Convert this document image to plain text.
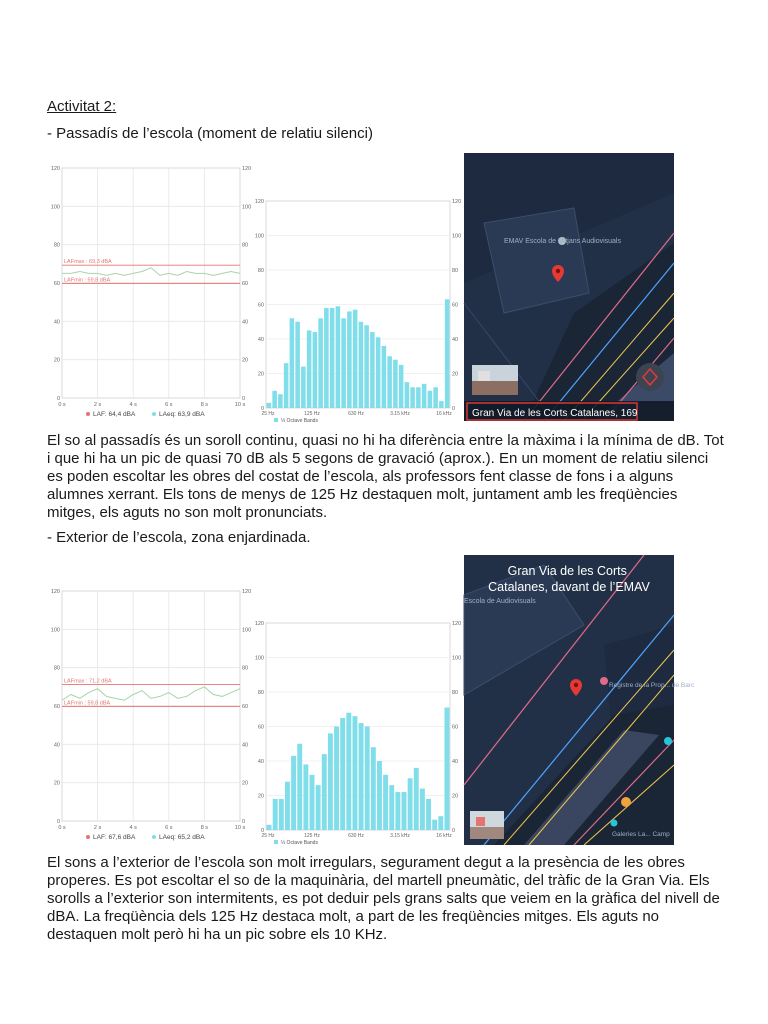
Activitat 2:
- Passadís de l’escola (moment de relatiu silenci)
El so al passadís és un soroll continu, quasi no hi ha diferència entre la màxima i la mínima de dB. Tot i que hi ha un pic de quasi 70 dB als 5 segons de gravació (aprox.). En un moment de relatiu silenci es poden escoltar les obres del costat de l’escola, als professors fent classe de fons i a alguns alumnes xerrant. Els tons de menys de 125 Hz destaquen molt, juntament amb les freqüències mitges, els aguts no son molt pronunciats.
- Exterior de l’escola, zona enjardinada.
El sons a l’exterior de l’escola son molt irregulars, segurament degut a la presència de les obres properes. Es pot escoltar el so de la maquinària, del martell pneumàtic, del tràfic de la Gran Via. Els sorolls a l’exterior son intermitents, es pot deduir pels grans salts que veiem en la gràfica del nivell de dBA. La freqüència dels 125 Hz destaca molt, a part de les freqüències mitges. Els aguts no destaquen molt però hi ha un pic sobre els 10 KHz.
0
20
40
60
80
100
120
0
20
40
60
80
100
120
0 s	2 s	4 s	6 s	8 s	10 s
LAFmax : 69,3 dBA
LAFmin : 59,8 dBA
LAF: 64,4 dBA	LAeq: 63,9 dBA
0
20
40
60
80
100
120
0
20
40
60
80
100
120
25 Hz	125 Hz	630 Hz	3.15 kHz	16 kHz
⅓ Octave Bands
0
20
40
60
80
100
120
0
20
40
60
80
100
120
0 s	2 s	4 s	6 s	8 s	10 s
LAFmax : 71,2 dBA
LAFmin : 59,8 dBA
LAF: 67,6 dBA	LAeq: 65,2 dBA
0
20
40
60
80
100
120
0
20
40
60
80
100
120
25 Hz	125 Hz	630 Hz	3.15 kHz	16 kHz
⅓ Octave Bands
EMAV Escola de Mitjans Audiovisuals
Gran Via de les Corts Catalanes, 169
Escola de Audiovisuals
Registre de la Prop... de Barc
Galeries La... Camp
Gran Via de les Corts Catalanes, davant de l’EMAV
